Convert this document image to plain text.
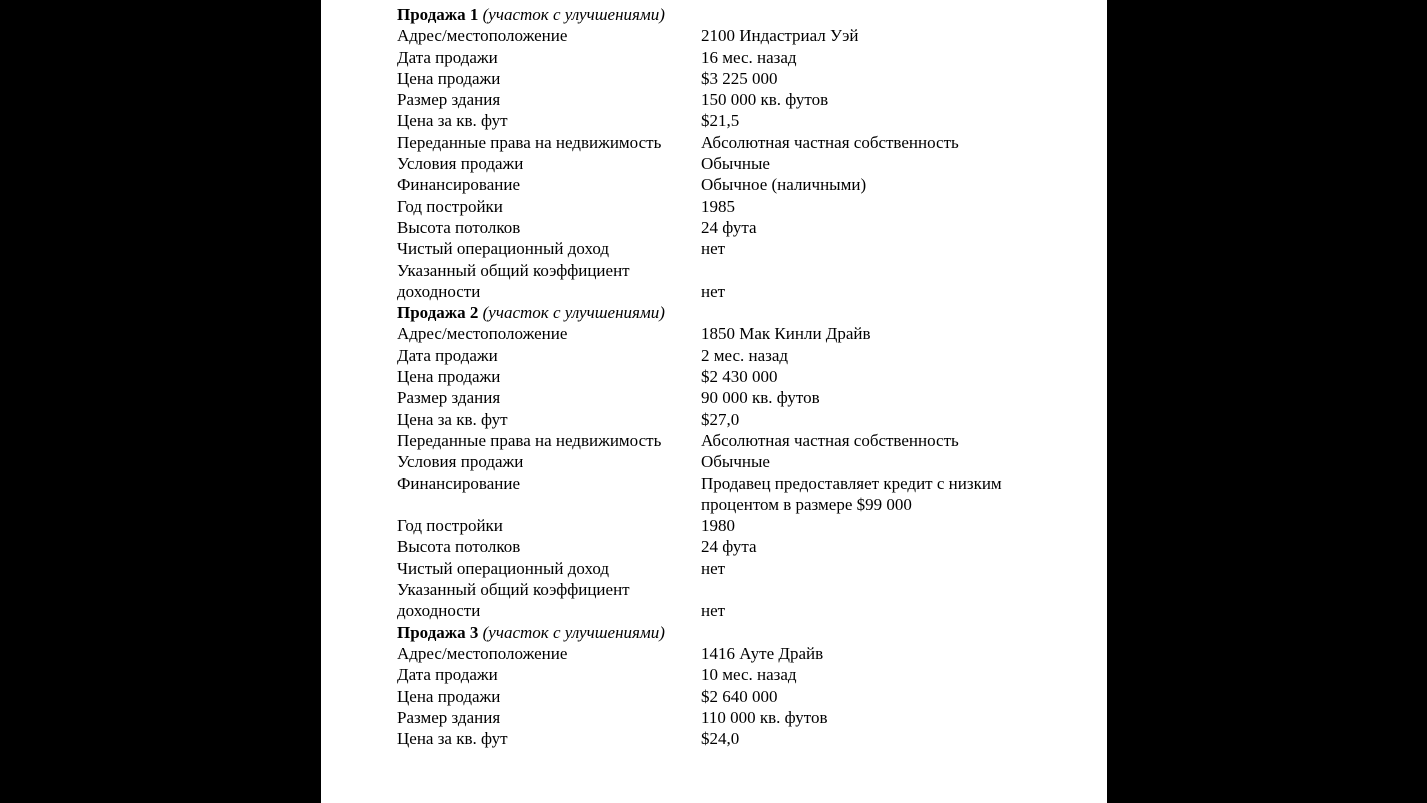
Продажа 1 (участок с улучшениями)
Адрес/местоположение	2100 Индастриал Уэй
Дата продажи	16 мес. назад
Цена продажи	$3 225 000
Размер здания	150 000 кв. футов
Цена за кв. фут	$21,5
Переданные права на недвижимость	Абсолютная частная собственность
Условия продажи	Обычные
Финансирование	Обычное (наличными)
Год постройки	1985
Высота потолков	24 фута
Чистый операционный доход	нет
Указанный общий коэффициент
доходности	нет
Продажа 2 (участок с улучшениями)
Адрес/местоположение	1850 Мак Кинли Драйв
Дата продажи	2 мес. назад
Цена продажи	$2 430 000
Размер здания	90 000 кв. футов
Цена за кв. фут	$27,0
Переданные права на недвижимость	Абсолютная частная собственность
Условия продажи	Обычные
Финансирование	Продавец предоставляет кредит с низким
процентом в размере $99 000
Год постройки	1980
Высота потолков	24 фута
Чистый операционный доход	нет
Указанный общий коэффициент
доходности	нет
Продажа 3 (участок с улучшениями)
Адрес/местоположение	1416 Ауте Драйв
Дата продажи	10 мес. назад
Цена продажи	$2 640 000
Размер здания	110 000 кв. футов
Цена за кв. фут	$24,0
